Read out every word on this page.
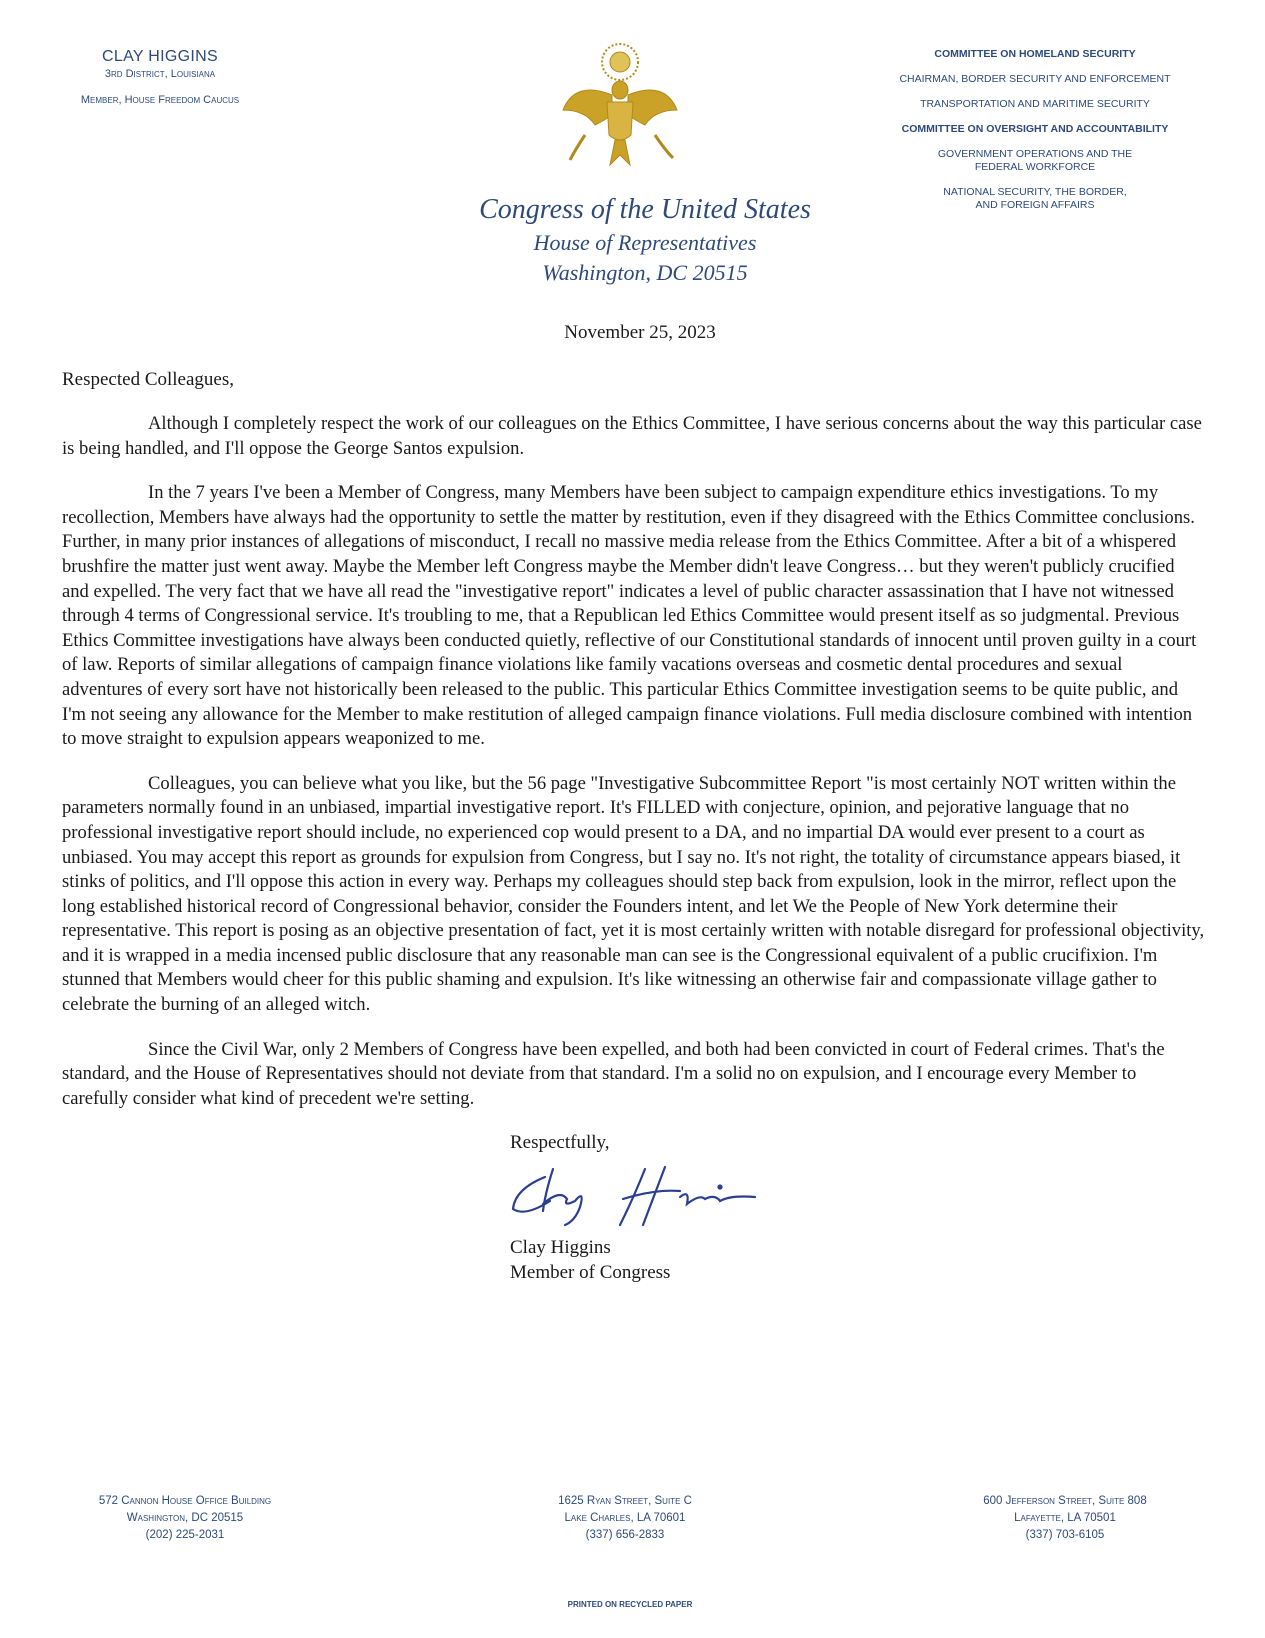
CLAY HIGGINS
3rd District, Louisiana
Member, House Freedom Caucus
COMMITTEE ON HOMELAND SECURITY
CHAIRMAN, BORDER SECURITY AND ENFORCEMENT
TRANSPORTATION AND MARITIME SECURITY
COMMITTEE ON OVERSIGHT AND ACCOUNTABILITY
GOVERNMENT OPERATIONS AND THE FEDERAL WORKFORCE
NATIONAL SECURITY, THE BORDER, AND FOREIGN AFFAIRS
Congress of the United States
House of Representatives
Washington, DC 20515
November 25, 2023
Respected Colleagues,

Although I completely respect the work of our colleagues on the Ethics Committee, I have serious concerns about the way this particular case is being handled, and I'll oppose the George Santos expulsion.

In the 7 years I've been a Member of Congress, many Members have been subject to campaign expenditure ethics investigations. To my recollection, Members have always had the opportunity to settle the matter by restitution, even if they disagreed with the Ethics Committee conclusions. Further, in many prior instances of allegations of misconduct, I recall no massive media release from the Ethics Committee. After a bit of a whispered brushfire the matter just went away. Maybe the Member left Congress maybe the Member didn't leave Congress… but they weren't publicly crucified and expelled. The very fact that we have all read the "investigative report" indicates a level of public character assassination that I have not witnessed through 4 terms of Congressional service. It's troubling to me, that a Republican led Ethics Committee would present itself as so judgmental. Previous Ethics Committee investigations have always been conducted quietly, reflective of our Constitutional standards of innocent until proven guilty in a court of law. Reports of similar allegations of campaign finance violations like family vacations overseas and cosmetic dental procedures and sexual adventures of every sort have not historically been released to the public. This particular Ethics Committee investigation seems to be quite public, and I'm not seeing any allowance for the Member to make restitution of alleged campaign finance violations. Full media disclosure combined with intention to move straight to expulsion appears weaponized to me.

Colleagues, you can believe what you like, but the 56 page "Investigative Subcommittee Report "is most certainly NOT written within the parameters normally found in an unbiased, impartial investigative report. It's FILLED with conjecture, opinion, and pejorative language that no professional investigative report should include, no experienced cop would present to a DA, and no impartial DA would ever present to a court as unbiased. You may accept this report as grounds for expulsion from Congress, but I say no. It's not right, the totality of circumstance appears biased, it stinks of politics, and I'll oppose this action in every way. Perhaps my colleagues should step back from expulsion, look in the mirror, reflect upon the long established historical record of Congressional behavior, consider the Founders intent, and let We the People of New York determine their representative. This report is posing as an objective presentation of fact, yet it is most certainly written with notable disregard for professional objectivity, and it is wrapped in a media incensed public disclosure that any reasonable man can see is the Congressional equivalent of a public crucifixion. I'm stunned that Members would cheer for this public shaming and expulsion. It's like witnessing an otherwise fair and compassionate village gather to celebrate the burning of an alleged witch.

Since the Civil War, only 2 Members of Congress have been expelled, and both had been convicted in court of Federal crimes. That's the standard, and the House of Representatives should not deviate from that standard. I'm a solid no on expulsion, and I encourage every Member to carefully consider what kind of precedent we're setting.

Respectfully,
Clay Higgins
Member of Congress
572 Cannon House Office Building
Washington, DC 20515
(202) 225-2031
1625 Ryan Street, Suite C
Lake Charles, LA 70601
(337) 656-2833
600 Jefferson Street, Suite 808
Lafayette, LA 70501
(337) 703-6105
PRINTED ON RECYCLED PAPER
